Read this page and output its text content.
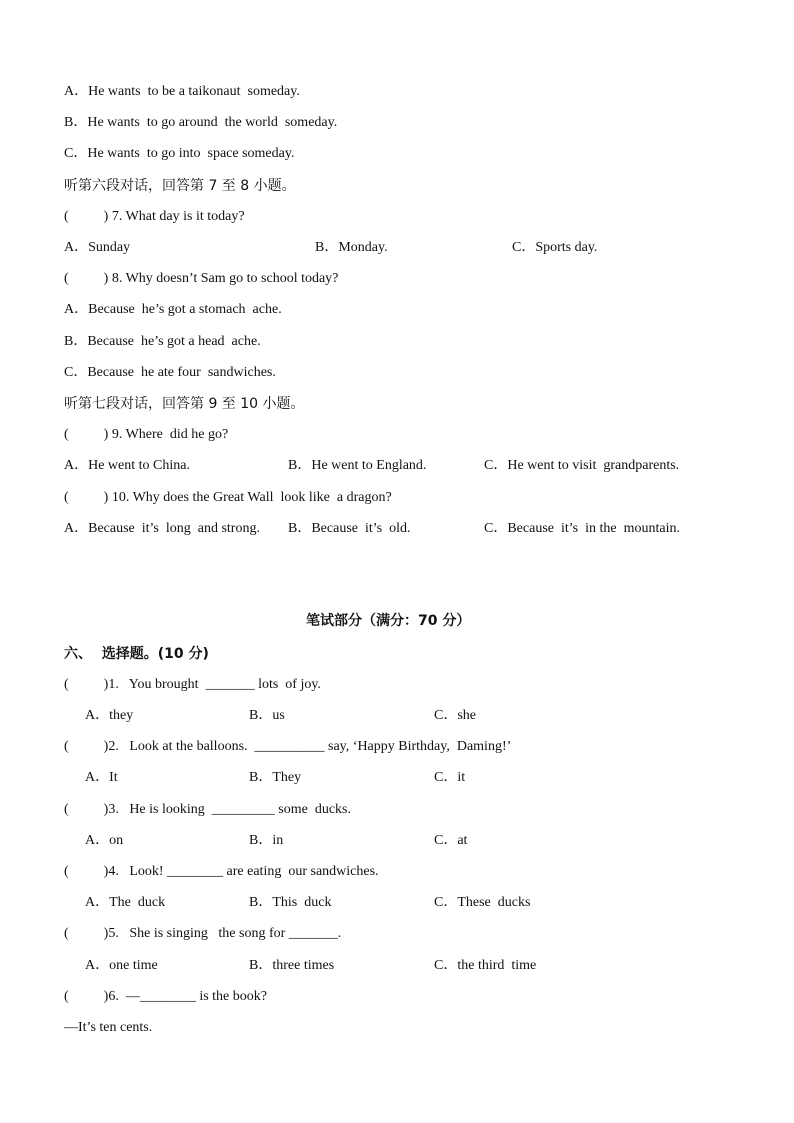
A．He wants  to be a taikonaut  someday.
B．He wants  to go around  the world  someday.
C．He wants  to go into  space someday.
听第六段对话，回答第 7 至 8 小题。
(          ) 7. What day is it today?
A．Sunday	B．Monday.	C．Sports day.
(          ) 8. Why doesn’t Sam go to school today?
A．Because  he’s got a stomach  ache.
B．Because  he’s got a head  ache.
C．Because  he ate four  sandwiches.
听第七段对话，回答第 9 至 10 小题。
(          ) 9. Where  did he go?
A．He went to China.	B．He went to England.	C．He went to visit  grandparents.
(          ) 10. Why does the Great Wall  look like  a dragon?
A．Because  it’s  long  and strong. B．Because  it’s  old.	C．Because  it’s  in the  mountain.
笔试部分（满分：70 分）
六、  选择题。(10 分)
(          )1.   You brought  _______ lots  of joy.
A．they	B．us	C．she
(          )2.   Look at the balloons.  __________ say, ‘Happy Birthday,  Daming!’
A．It	B．They	C．it
(          )3.   He is looking  _________ some  ducks.
A．on	B．in	C．at
(          )4.   Look! ________ are eating  our sandwiches.
A．The  duck	B．This  duck	C．These  ducks
(          )5.   She is singing   the song for _______.
A．one time	B．three times	C．the third  time
(          )6.  —________ is the book?
—It’s ten cents.
